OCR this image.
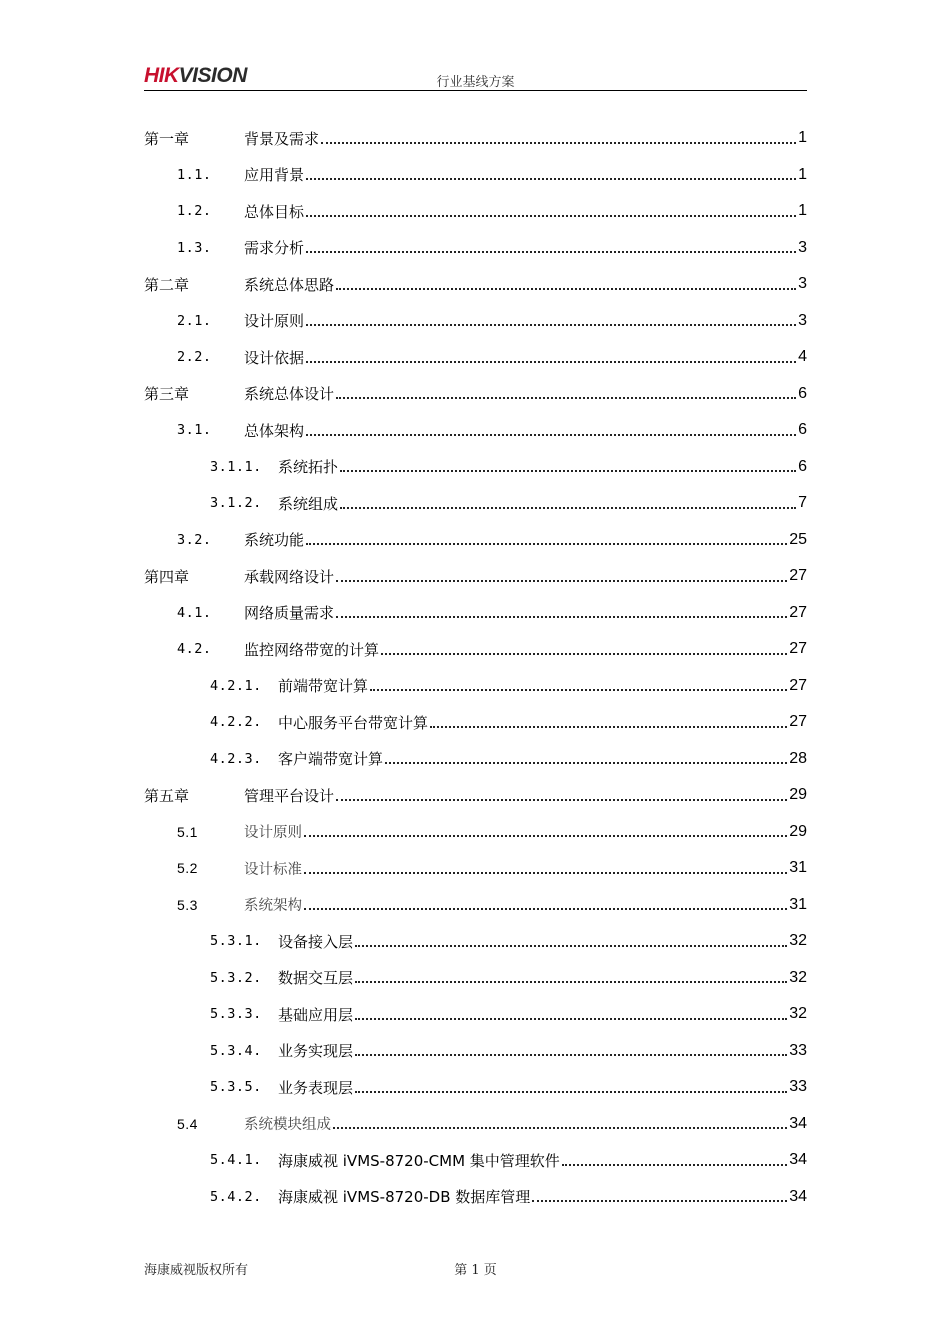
HIKVISION	行业基线方案
第一章	背景及需求	1
1.1.	应用背景	1
1.2.	总体目标	1
1.3.	需求分析	3
第二章	系统总体思路	3
2.1.	设计原则	3
2.2.	设计依据	4
第三章	系统总体设计	6
3.1.	总体架构	6
3.1.1.	系统拓扑	6
3.1.2.	系统组成	7
3.2.	系统功能	25
第四章	承载网络设计	27
4.1.	网络质量需求	27
4.2.	监控网络带宽的计算	27
4.2.1.	前端带宽计算	27
4.2.2.	中心服务平台带宽计算	27
4.2.3.	客户端带宽计算	28
第五章	管理平台设计	29
5.1	设计原则	29
5.2	设计标准	31
5.3	系统架构	31
5.3.1.	设备接入层	32
5.3.2.	数据交互层	32
5.3.3.	基础应用层	32
5.3.4.	业务实现层	33
5.3.5.	业务表现层	33
5.4	系统模块组成	34
5.4.1.	海康威视 iVMS-8720-CMM 集中管理软件	34
5.4.2.	海康威视 iVMS-8720-DB 数据库管理	34
海康威视版权所有	第 1 页
